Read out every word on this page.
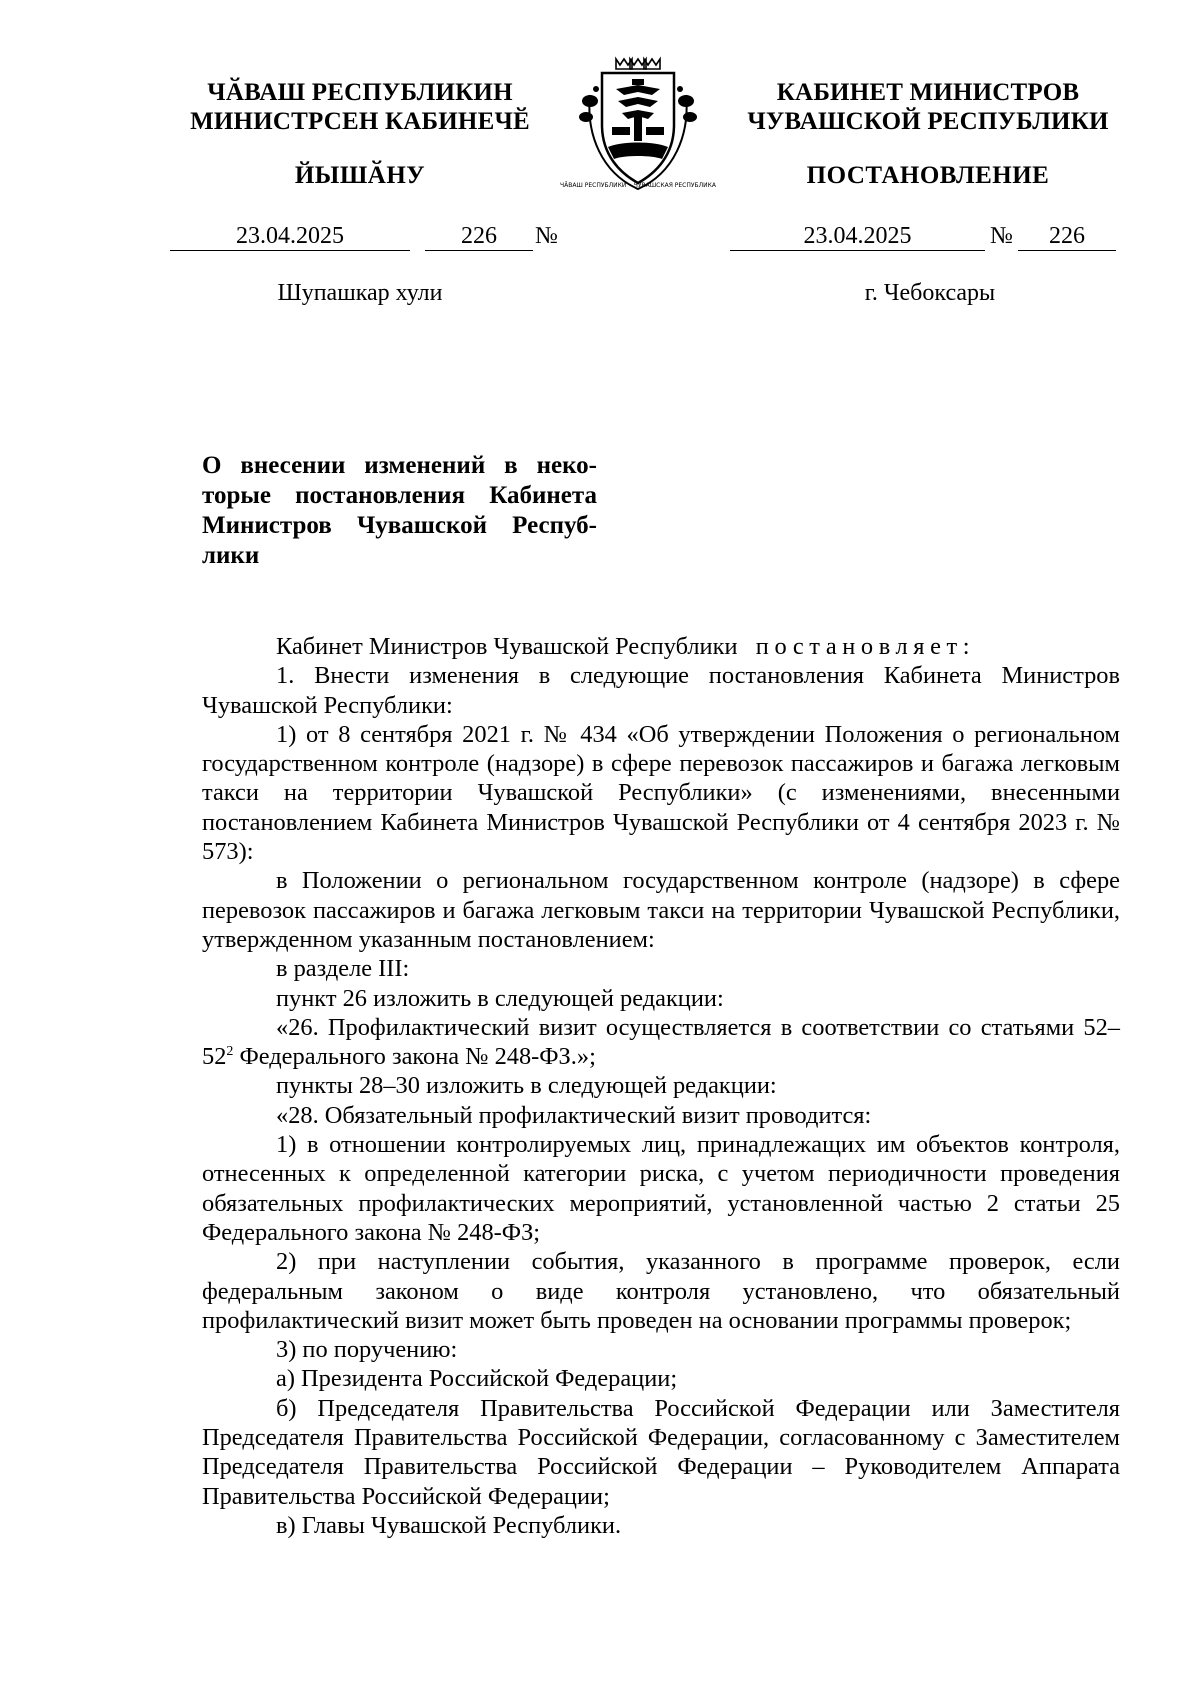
ЧӐВАШ РЕСПУБЛИКИН
МИНИСТРСЕН КАБИНЕЧӖ
ЙЫШӐНУ
КАБИНЕТ МИНИСТРОВ
ЧУВАШСКОЙ РЕСПУБЛИКИ
ПОСТАНОВЛЕНИЕ
ЧӐВАШ РЕСПУБЛИКИ • ЧУВАШСКАЯ РЕСПУБЛИКА
23.04.2025	226	№	23.04.2025	№	226
Шупашкар хули	г. Чебоксары
О внесении изменений в неко-
торые постановления Кабинета
Министров Чувашской Респуб-
лики

Кабинет Министров Чувашской Республики постановляет:

1. Внести изменения в следующие постановления Кабинета Министров Чувашской Республики:

1) от 8 сентября 2021 г. № 434 «Об утверждении Положения о региональном государственном контроле (надзоре) в сфере перевозок пассажиров и багажа легковым такси на территории Чувашской Республики» (с изменениями, внесенными постановлением Кабинета Министров Чувашской Республики от 4 сентября 2023 г. № 573):

в Положении о региональном государственном контроле (надзоре) в сфере перевозок пассажиров и багажа легковым такси на территории Чувашской Республики, утвержденном указанным постановлением:

в разделе III:

пункт 26 изложить в следующей редакции:

«26. Профилактический визит осуществляется в соответствии со статьями $52-52^2$ Федерального закона № 248-ФЗ.»;

пункты 28–30 изложить в следующей редакции:

«28. Обязательный профилактический визит проводится:

1) в отношении контролируемых лиц, принадлежащих им объектов контроля, отнесенных к определенной категории риска, с учетом периодичности проведения обязательных профилактических мероприятий, установленной частью 2 статьи 25 Федерального закона № 248-ФЗ;

2) при наступлении события, указанного в программе проверок, если федеральным законом о виде контроля установлено, что обязательный профилактический визит может быть проведен на основании программы проверок;

3) по поручению:

а) Президента Российской Федерации;

б) Председателя Правительства Российской Федерации или Заместителя Председателя Правительства Российской Федерации, согласованному с Заместителем Председателя Правительства Российской Федерации – Руководителем Аппарата Правительства Российской Федерации;

в) Главы Чувашской Республики.
